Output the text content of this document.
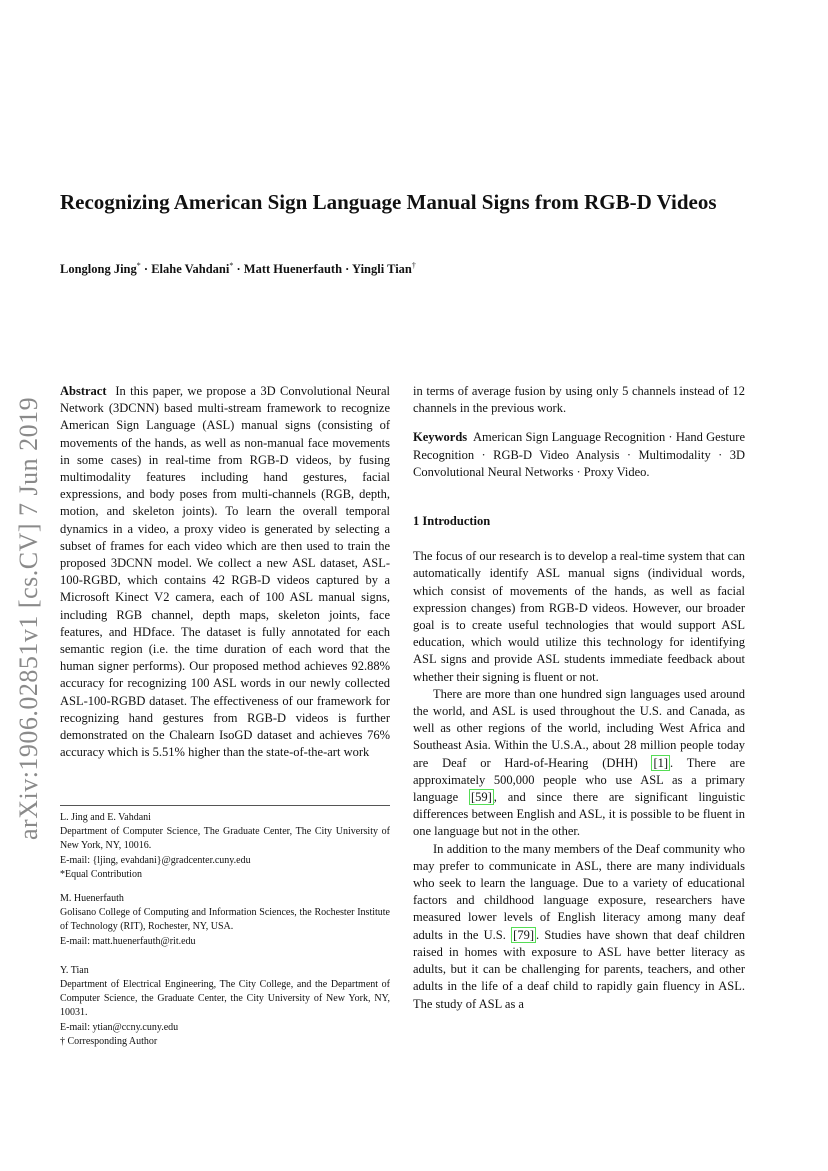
arXiv:1906.02851v1 [cs.CV] 7 Jun 2019
Recognizing American Sign Language Manual Signs from RGB-D Videos
Longlong Jing* · Elahe Vahdani* · Matt Huenerfauth · Yingli Tian†

Abstract In this paper, we propose a 3D Convolutional Neural Network (3DCNN) based multi-stream framework to recognize American Sign Language (ASL) manual signs (consisting of movements of the hands, as well as non-manual face movements in some cases) in real-time from RGB-D videos, by fusing multimodality features including hand gestures, facial expressions, and body poses from multi-channels (RGB, depth, motion, and skeleton joints). To learn the overall temporal dynamics in a video, a proxy video is generated by selecting a subset of frames for each video which are then used to train the proposed 3DCNN model. We collect a new ASL dataset, ASL-100-RGBD, which contains 42 RGB-D videos captured by a Microsoft Kinect V2 camera, each of 100 ASL manual signs, including RGB channel, depth maps, skeleton joints, face features, and HDface. The dataset is fully annotated for each semantic region (i.e. the time duration of each word that the human signer performs). Our proposed method achieves 92.88% accuracy for recognizing 100 ASL words in our newly collected ASL-100-RGBD dataset. The effectiveness of our framework for recognizing hand gestures from RGB-D videos is further demonstrated on the Chalearn IsoGD dataset and achieves 76% accuracy which is 5.51% higher than the state-of-the-art work

in terms of average fusion by using only 5 channels instead of 12 channels in the previous work.

Keywords American Sign Language Recognition · Hand Gesture Recognition · RGB-D Video Analysis · Multimodality · 3D Convolutional Neural Networks · Proxy Video.

1 Introduction

The focus of our research is to develop a real-time system that can automatically identify ASL manual signs (individual words, which consist of movements of the hands, as well as facial expression changes) from RGB-D videos. However, our broader goal is to create useful technologies that would support ASL education, which would utilize this technology for identifying ASL signs and provide ASL students immediate feedback about whether their signing is fluent or not.

There are more than one hundred sign languages used around the world, and ASL is used throughout the U.S. and Canada, as well as other regions of the world, including West Africa and Southeast Asia. Within the U.S.A., about 28 million people today are Deaf or Hard-of-Hearing (DHH) [1] . There are approximately 500,000 people who use ASL as a primary language [59] , and since there are significant linguistic differences between English and ASL, it is possible to be fluent in one language but not in the other.

In addition to the many members of the Deaf community who may prefer to communicate in ASL, there are many individuals who seek to learn the language. Due to a variety of educational factors and childhood language exposure, researchers have measured lower levels of English literacy among many deaf adults in the U.S. [79] . Studies have shown that deaf children raised in homes with exposure to ASL have better literacy as adults, but it can be challenging for parents, teachers, and other adults in the life of a deaf child to rapidly gain fluency in ASL. The study of ASL as a

L. Jing and E. Vahdani

Department of Computer Science, The Graduate Center, The City University of New York, NY, 10016.

E-mail: {ljing, evahdani}@gradcenter.cuny.edu

*Equal Contribution

M. Huenerfauth

Golisano College of Computing and Information Sciences, the Rochester Institute of Technology (RIT), Rochester, NY, USA.

E-mail: matt.huenerfauth@rit.edu

Y. Tian

Department of Electrical Engineering, The City College, and the Department of Computer Science, the Graduate Center, the City University of New York, NY, 10031.

E-mail: ytian@ccny.cuny.edu

† Corresponding Author
